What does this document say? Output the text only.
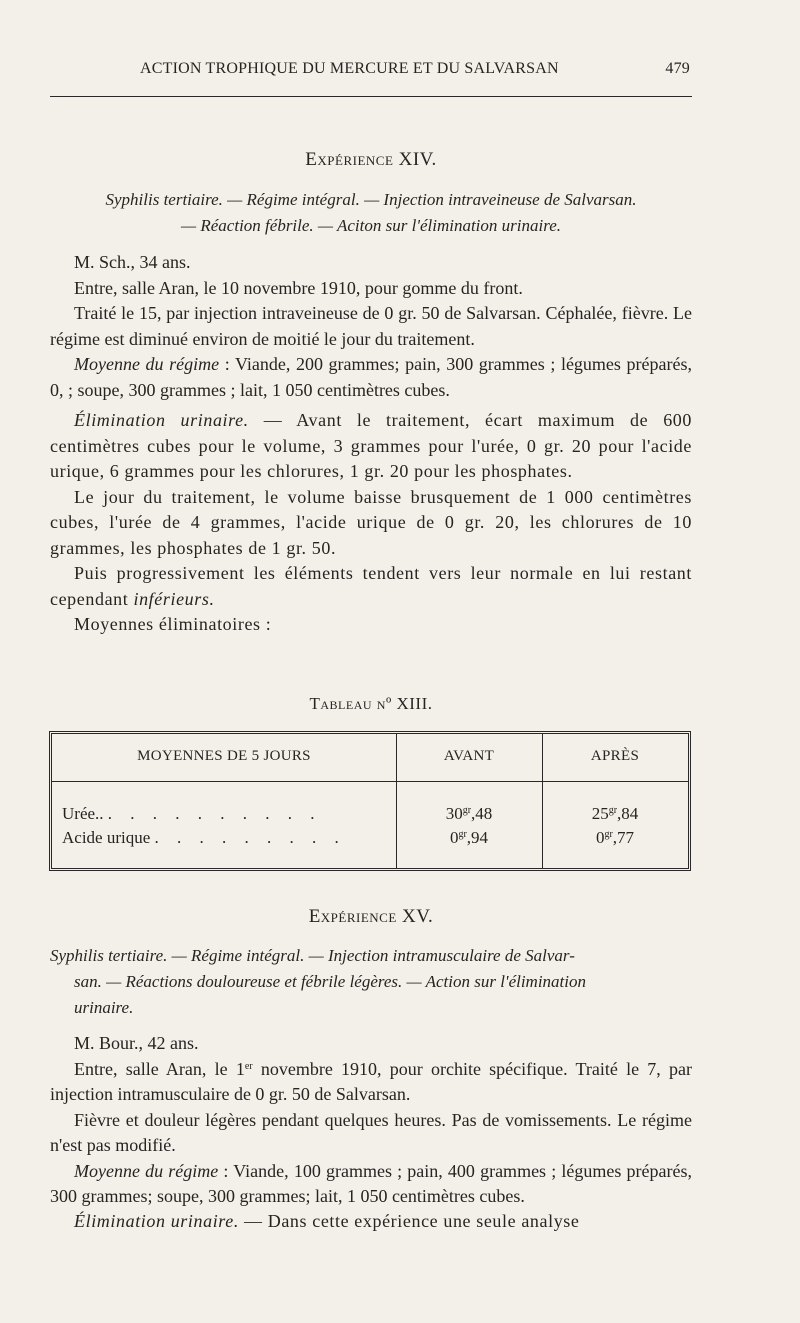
ACTION TROPHIQUE DU MERCURE ET DU SALVARSAN	479
Expérience XIV.
Syphilis tertiaire. — Régime intégral. — Injection intraveineuse de Salvarsan.
— Réaction fébrile. — Aciton sur l'élimination urinaire.

M. Sch., 34 ans.

Entre, salle Aran, le 10 novembre 1910, pour gomme du front.

Traité le 15, par injection intraveineuse de 0 gr. 50 de Salvarsan. Céphalée, fièvre. Le régime est diminué environ de moitié le jour du traitement.

Moyenne du régime : Viande, 200 grammes; pain, 300 grammes ; légumes préparés, 0, ; soupe, 300 grammes ; lait, 1 050 centimètres cubes.

Élimination urinaire. — Avant le traitement, écart maximum de 600 centimètres cubes pour le volume, 3 grammes pour l'urée, 0 gr. 20 pour l'acide urique, 6 grammes pour les chlorures, 1 gr. 20 pour les phosphates.

Le jour du traitement, le volume baisse brusquement de 1 000 centimètres cubes, l'urée de 4 grammes, l'acide urique de 0 gr. 20, les chlorures de 10 grammes, les phosphates de 1 gr. 50.

Puis progressivement les éléments tendent vers leur normale en lui restant cependant inférieurs.

Moyennes éliminatoires :

Tableau nº XIII.
MOYENNES DE 5 JOURS	AVANT	APRÈS
Urée.. . . . . . . . . . .	$30^{gr},48$	$25^{gr},84$
Acide urique . . . . . . . . .	$0^{gr},94$	$0^{gr},77$
Expérience XV.
Syphilis tertiaire. — Régime intégral. — Injection intramusculaire de Salvar-
san. — Réactions douloureuse et fébrile légères. — Action sur l'élimination
urinaire.

M. Bour., 42 ans.

Entre, salle Aran, le 1er novembre 1910, pour orchite spécifique. Traité le 7, par injection intramusculaire de 0 gr. 50 de Salvarsan.

Fièvre et douleur légères pendant quelques heures. Pas de vomissements. Le régime n'est pas modifié.

Moyenne du régime : Viande, 100 grammes ; pain, 400 grammes ; légumes préparés, 300 grammes; soupe, 300 grammes; lait, 1 050 centimètres cubes.

Élimination urinaire. — Dans cette expérience une seule analyse
